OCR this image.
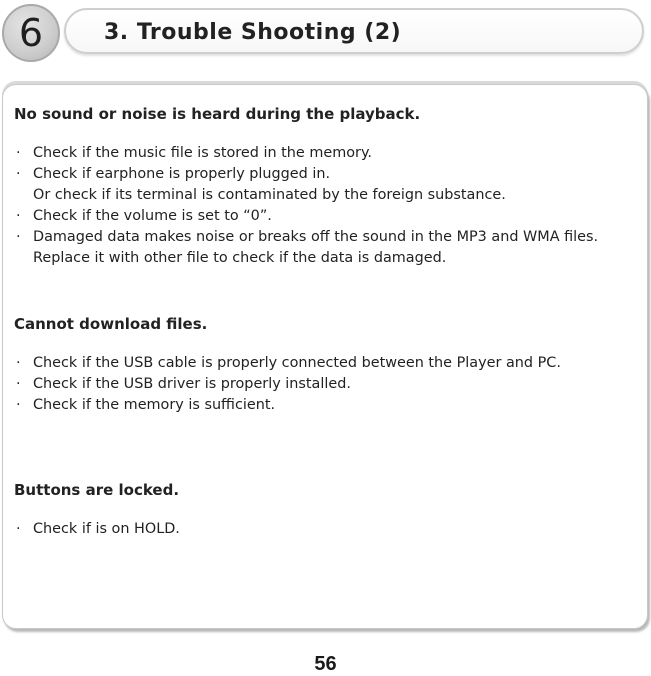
6	3. Trouble Shooting (2)
No sound or noise is heard during the playback.
· Check if the music file is stored in the memory.
· Check if earphone is properly plugged in.
Or check if its terminal is contaminated by the foreign substance.
· Check if the volume is set to “0”.
· Damaged data makes noise or breaks off the sound in the MP3 and WMA files. Replace it with other file to check if the data is damaged.
Cannot download files.
· Check if the USB cable is properly connected between the Player and PC.
· Check if the USB driver is properly installed.
· Check if the memory is sufficient.
Buttons are locked.
· Check if is on HOLD.
56
